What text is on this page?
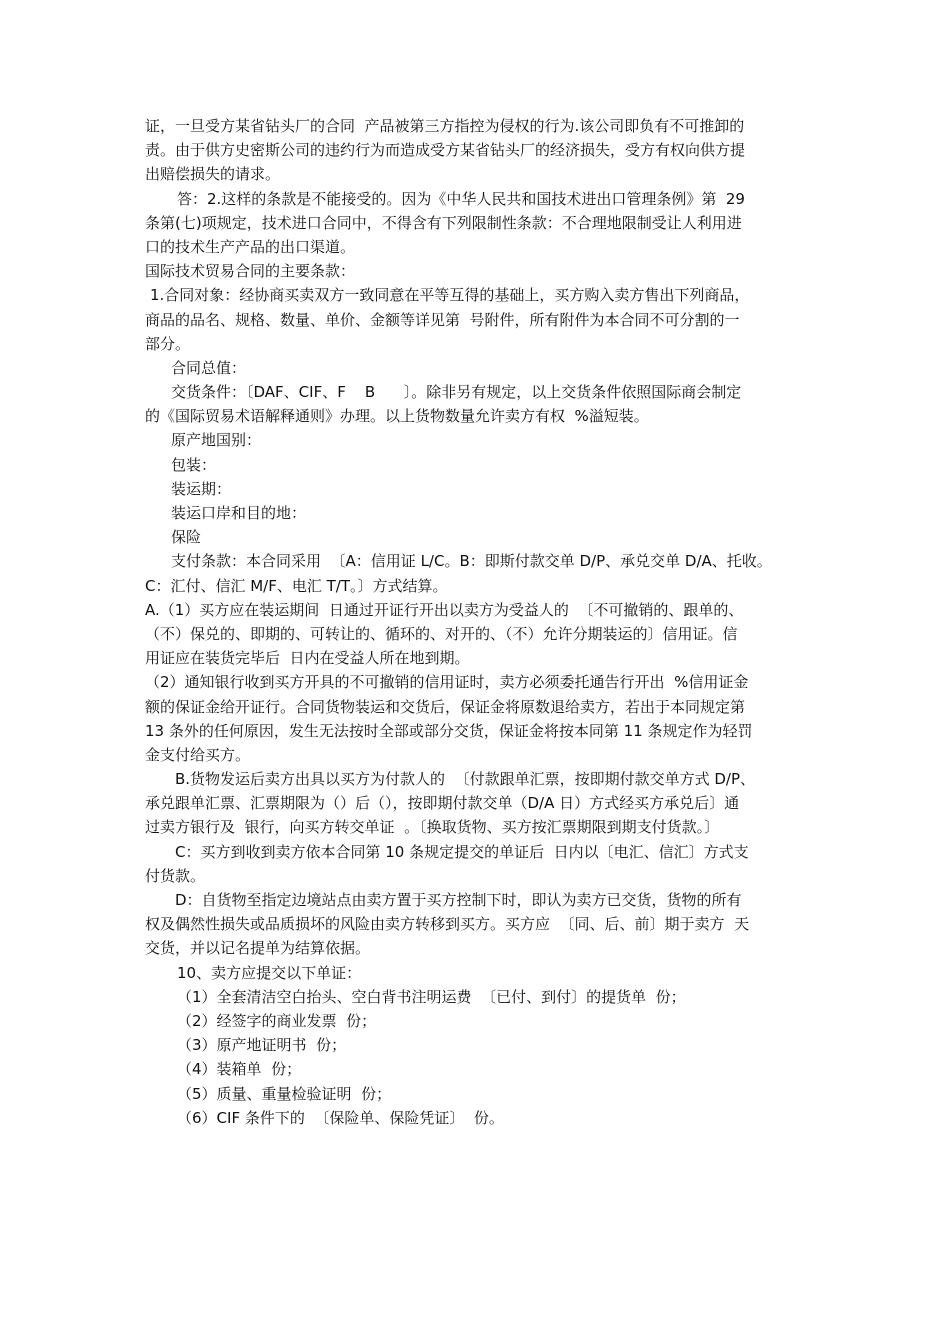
证，一旦受方某省钻头厂的合同  产品被第三方指控为侵权的行为.该公司即负有不可推卸的
责。由于供方史密斯公司的违约行为而造成受方某省钻头厂的经济损失，受方有权向供方提
出赔偿损失的请求。
答：2.这样的条款是不能接受的。因为《中华人民共和国技术进出口管理条例》第  29
条第(七)项规定，技术进口合同中，不得含有下列限制性条款：不合理地限制受让人利用进
口的技术生产产品的出口渠道。
国际技术贸易合同的主要条款：
1.合同对象：经协商买卖双方一致同意在平等互得的基础上，买方购入卖方售出下列商品，
商品的品名、规格、数量、单价、金额等详见第  号附件，所有附件为本合同不可分割的一
部分。
合同总值：
交货条件：〔DAF、CIF、F    B      〕。除非另有规定，以上交货条件依照国际商会制定
的《国际贸易术语解释通则》办理。以上货物数量允许卖方有权  %溢短装。
原产地国别：
包装：
装运期：
装运口岸和目的地：
保险
支付条款：本合同采用  〔A：信用证 L/C。B：即斯付款交单 D/P、承兑交单 D/A、托收。
C：汇付、信汇 M/F、电汇 T/T。〕方式结算。
A.（1）买方应在装运期间  日通过开证行开出以卖方为受益人的  〔不可撤销的、跟单的、
（不）保兑的、即期的、可转让的、循环的、对开的、（不）允许分期装运的〕信用证。信
用证应在装货完毕后  日内在受益人所在地到期。
（2）通知银行收到买方开具的不可撤销的信用证时，卖方必须委托通告行开出  %信用证金
额的保证金给开证行。合同货物装运和交货后，保证金将原数退给卖方，若出于本同规定第
13 条外的任何原因，发生无法按时全部或部分交货，保证金将按本同第 11 条规定作为轻罚
金支付给买方。
B.货物发运后卖方出具以买方为付款人的  〔付款跟单汇票，按即期付款交单方式 D/P、
承兑跟单汇票、汇票期限为（）后（），按即期付款交单（D/A 日）方式经买方承兑后〕通
过卖方银行及  银行，向买方转交单证  。〔换取货物、买方按汇票期限到期支付货款。〕
C：买方到收到卖方依本合同第 10 条规定提交的单证后  日内以〔电汇、信汇〕方式支
付货款。
D：自货物至指定边境站点由卖方置于买方控制下时，即认为卖方已交货，货物的所有
权及偶然性损失或品质损坏的风险由卖方转移到买方。买方应  〔同、后、前〕期于卖方  天
交货，并以记名提单为结算依据。
10、卖方应提交以下单证：
（1）全套清洁空白抬头、空白背书注明运费  〔已付、到付〕的提货单  份；
（2）经签字的商业发票  份；
（3）原产地证明书  份；
（4）装箱单  份；
（5）质量、重量检验证明  份；
（6）CIF 条件下的  〔保险单、保险凭证〕  份。
